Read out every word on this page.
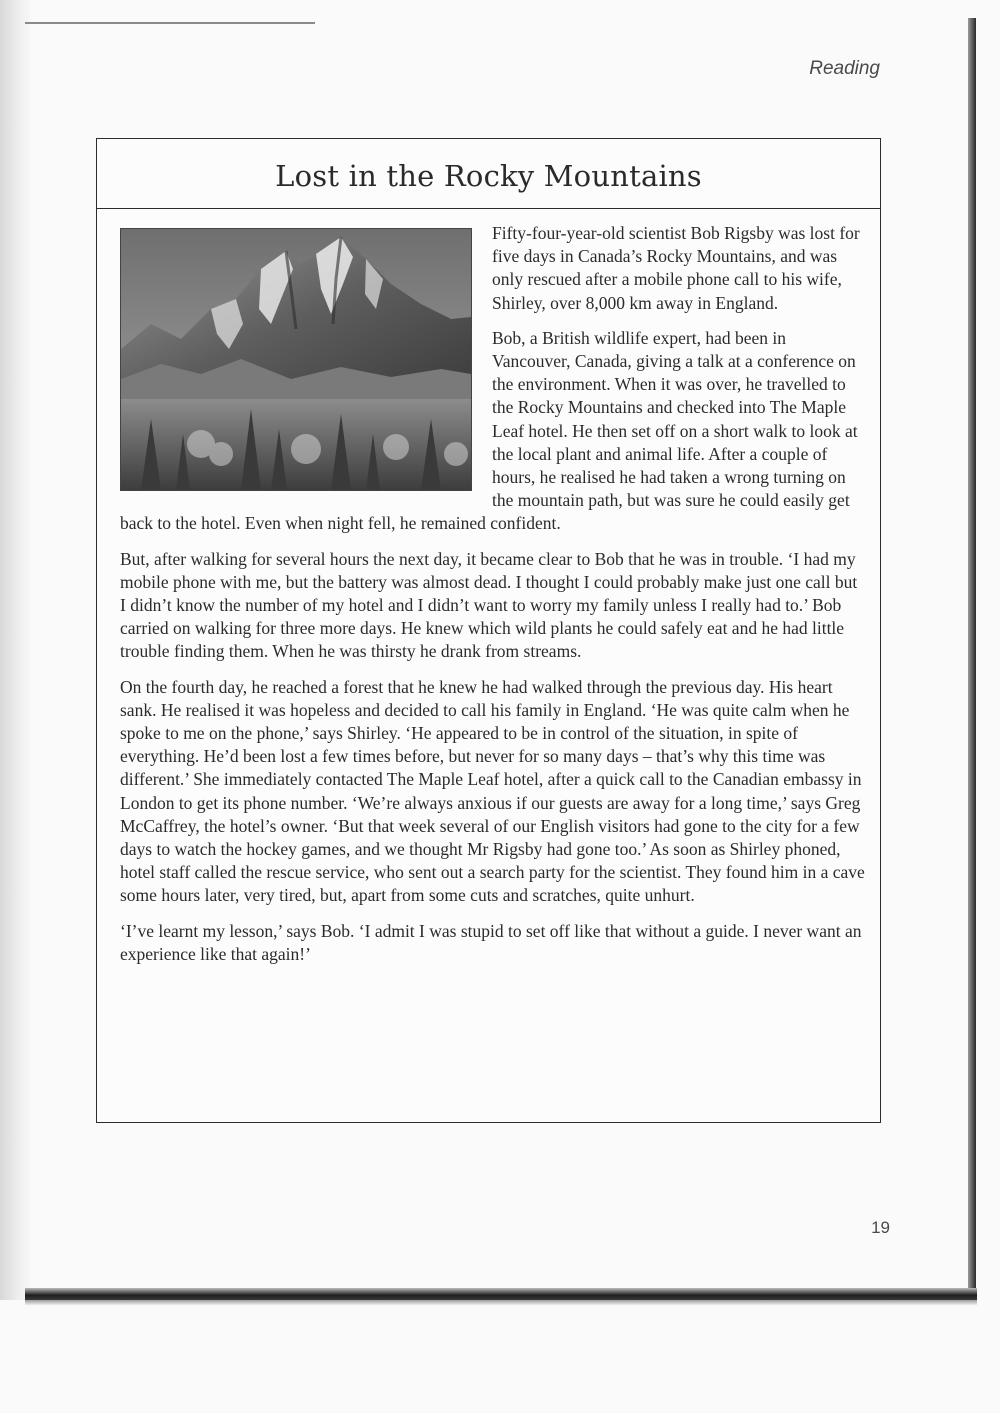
Reading
Lost in the Rocky Mountains

Fifty-four-year-old scientist Bob Rigsby was lost for five days in Canada’s Rocky Mountains, and was only rescued after a mobile phone call to his wife, Shirley, over 8,000 km away in England.

Bob, a British wildlife expert, had been in Vancouver, Canada, giving a talk at a conference on the environment. When it was over, he travelled to the Rocky Mountains and checked into The Maple Leaf hotel. He then set off on a short walk to look at the local plant and animal life. After a couple of hours, he realised he had taken a wrong turning on the mountain path, but was sure he could easily get back to the hotel. Even when night fell, he remained confident.

But, after walking for several hours the next day, it became clear to Bob that he was in trouble. ‘I had my mobile phone with me, but the battery was almost dead. I thought I could probably make just one call but I didn’t know the number of my hotel and I didn’t want to worry my family unless I really had to.’ Bob carried on walking for three more days. He knew which wild plants he could safely eat and he had little trouble finding them. When he was thirsty he drank from streams.

On the fourth day, he reached a forest that he knew he had walked through the previous day. His heart sank. He realised it was hopeless and decided to call his family in England. ‘He was quite calm when he spoke to me on the phone,’ says Shirley. ‘He appeared to be in control of the situation, in spite of everything. He’d been lost a few times before, but never for so many days – that’s why this time was different.’ She immediately contacted The Maple Leaf hotel, after a quick call to the Canadian embassy in London to get its phone number. ‘We’re always anxious if our guests are away for a long time,’ says Greg McCaffrey, the hotel’s owner. ‘But that week several of our English visitors had gone to the city for a few days to watch the hockey games, and we thought Mr Rigsby had gone too.’ As soon as Shirley phoned, hotel staff called the rescue service, who sent out a search party for the scientist. They found him in a cave some hours later, very tired, but, apart from some cuts and scratches, quite unhurt.

‘I’ve learnt my lesson,’ says Bob. ‘I admit I was stupid to set off like that without a guide. I never want an experience like that again!’

19
